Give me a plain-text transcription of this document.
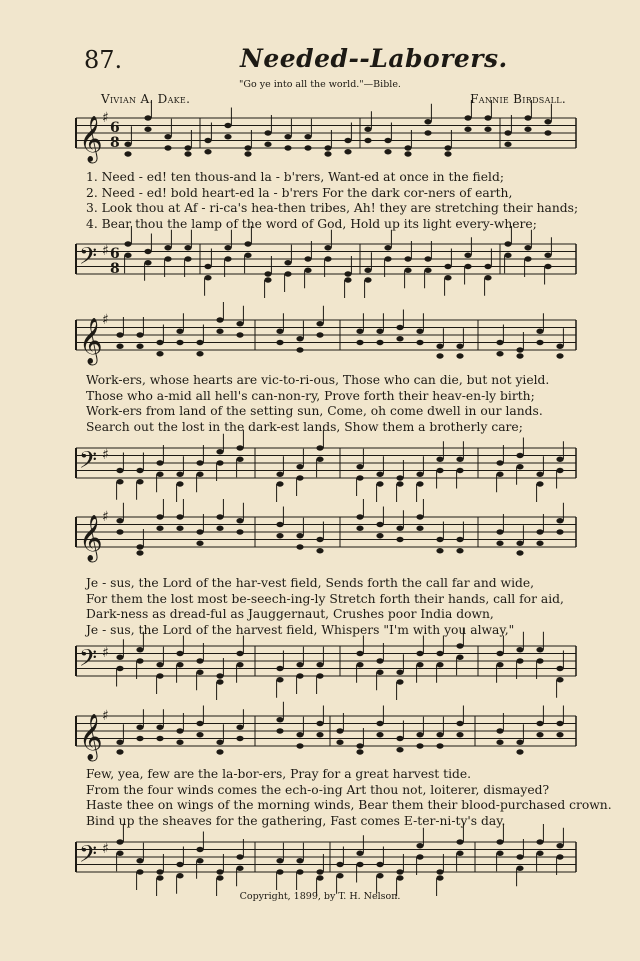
87.	Needed--Laborers.
"Go ye into all the world."—Bible.
Vivian A. Dake.	Fannie Birdsall.
𝄞 ♯
6
8
1. Need - ed! ten thous-and la - b'rers, Want-ed at once in the field;
2. Need - ed! bold heart-ed la - b'rers For the dark cor-ners of earth,
3. Look thou at Af - ri-ca's hea-then tribes, Ah! they are stretching their hands;
4. Bear thou the lamp of the word of God, Hold up its light every-where;
𝄢 ♯ 6
8
𝄞 ♯
Work-ers, whose hearts are vic-to-ri-ous, Those who can die, but not yield.
Those who a-mid all hell's can-non-ry, Prove forth their heav-en-ly birth;
Work-ers from land of the setting sun, Come, oh come dwell in our lands.
Search out the lost in the dark-est lands, Show them a brotherly care;
𝄢 ♯
𝄞 ♯
Je - sus, the Lord of the har-vest field, Sends forth the call far and wide,
For them the lost most be-seech-ing-ly Stretch forth their hands, call for aid,
Dark-ness as dread-ful as Jauggernaut, Crushes poor India down,
Je - sus, the Lord of the harvest field, Whispers "I'm with you alway,"
𝄢 ♯
𝄞 ♯
Few, yea, few are the la-bor-ers, Pray for a great harvest tide.
From the four winds comes the ech-o-ing Art thou not, loiterer, dismayed?
Haste thee on wings of the morning winds, Bear them their blood-purchased crown.
Bind up the sheaves for the gathering, Fast comes E-ter-ni-ty's day.
𝄢 ♯
Copyright, 1899, by T. H. Nelson.
